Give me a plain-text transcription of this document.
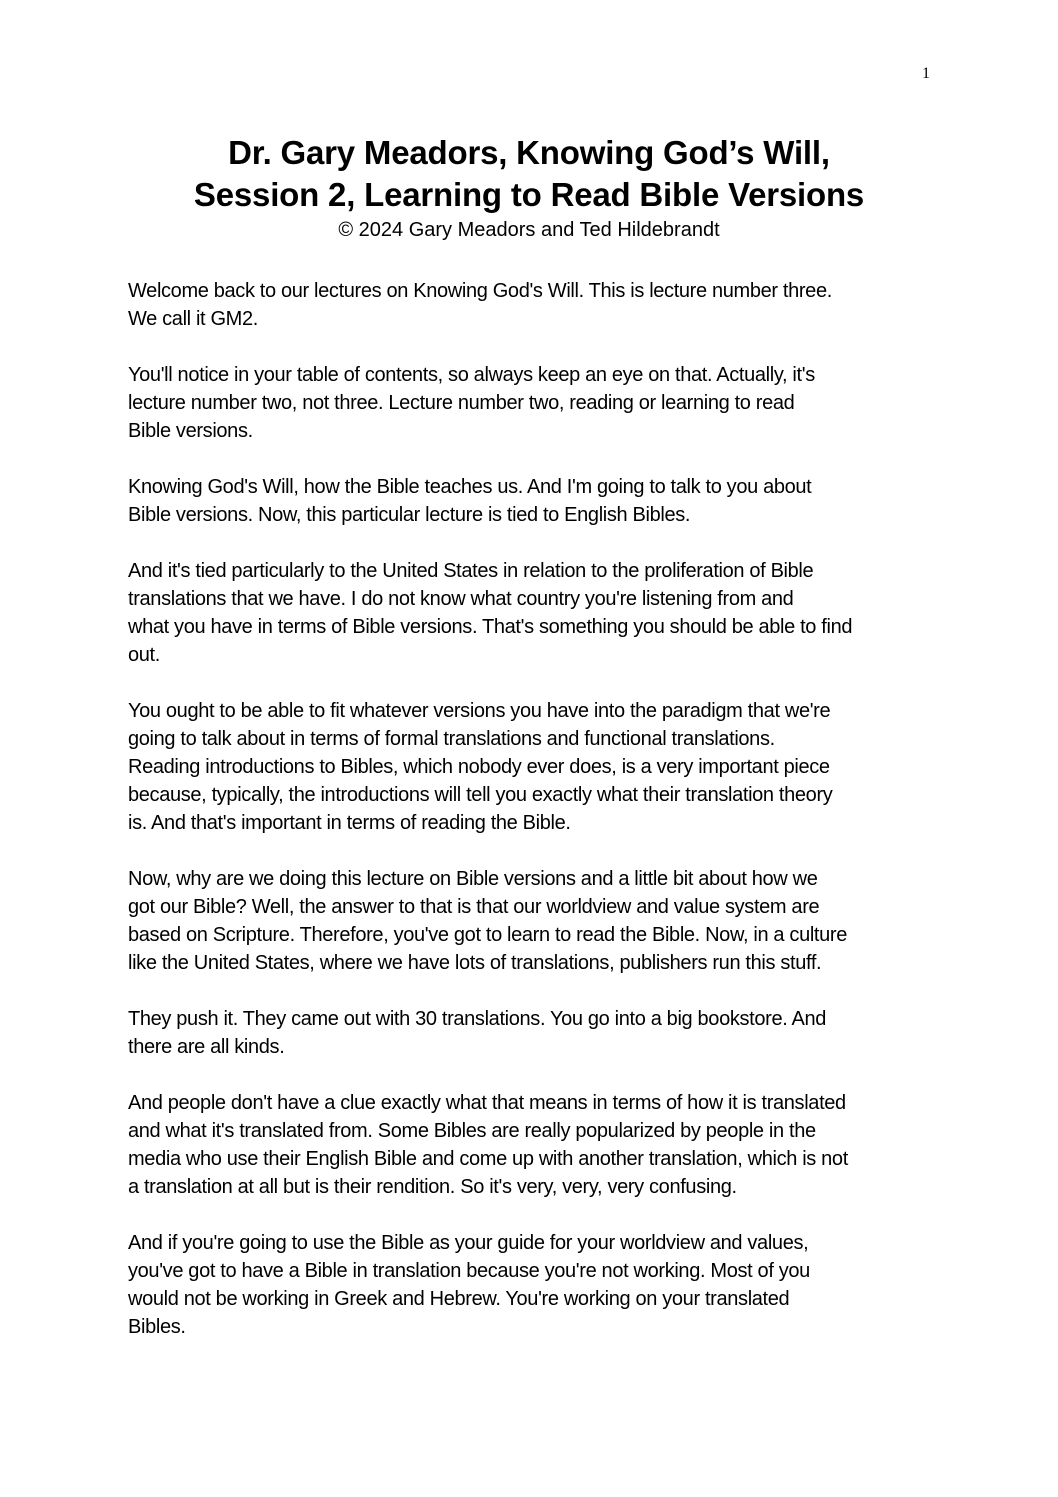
1
Dr. Gary Meadors, Knowing God’s Will,
Session 2, Learning to Read Bible Versions
© 2024 Gary Meadors and Ted Hildebrandt

Welcome back to our lectures on Knowing God's Will. This is lecture number three.
We call it GM2.

You'll notice in your table of contents, so always keep an eye on that. Actually, it's
lecture number two, not three. Lecture number two, reading or learning to read
Bible versions.

Knowing God's Will, how the Bible teaches us. And I'm going to talk to you about
Bible versions. Now, this particular lecture is tied to English Bibles.

And it's tied particularly to the United States in relation to the proliferation of Bible
translations that we have. I do not know what country you're listening from and
what you have in terms of Bible versions. That's something you should be able to find
out.

You ought to be able to fit whatever versions you have into the paradigm that we're
going to talk about in terms of formal translations and functional translations.
Reading introductions to Bibles, which nobody ever does, is a very important piece
because, typically, the introductions will tell you exactly what their translation theory
is. And that's important in terms of reading the Bible.

Now, why are we doing this lecture on Bible versions and a little bit about how we
got our Bible? Well, the answer to that is that our worldview and value system are
based on Scripture. Therefore, you've got to learn to read the Bible. Now, in a culture
like the United States, where we have lots of translations, publishers run this stuff.

They push it. They came out with 30 translations. You go into a big bookstore. And
there are all kinds.

And people don't have a clue exactly what that means in terms of how it is translated
and what it's translated from. Some Bibles are really popularized by people in the
media who use their English Bible and come up with another translation, which is not
a translation at all but is their rendition. So it's very, very, very confusing.

And if you're going to use the Bible as your guide for your worldview and values,
you've got to have a Bible in translation because you're not working. Most of you
would not be working in Greek and Hebrew. You're working on your translated
Bibles.
